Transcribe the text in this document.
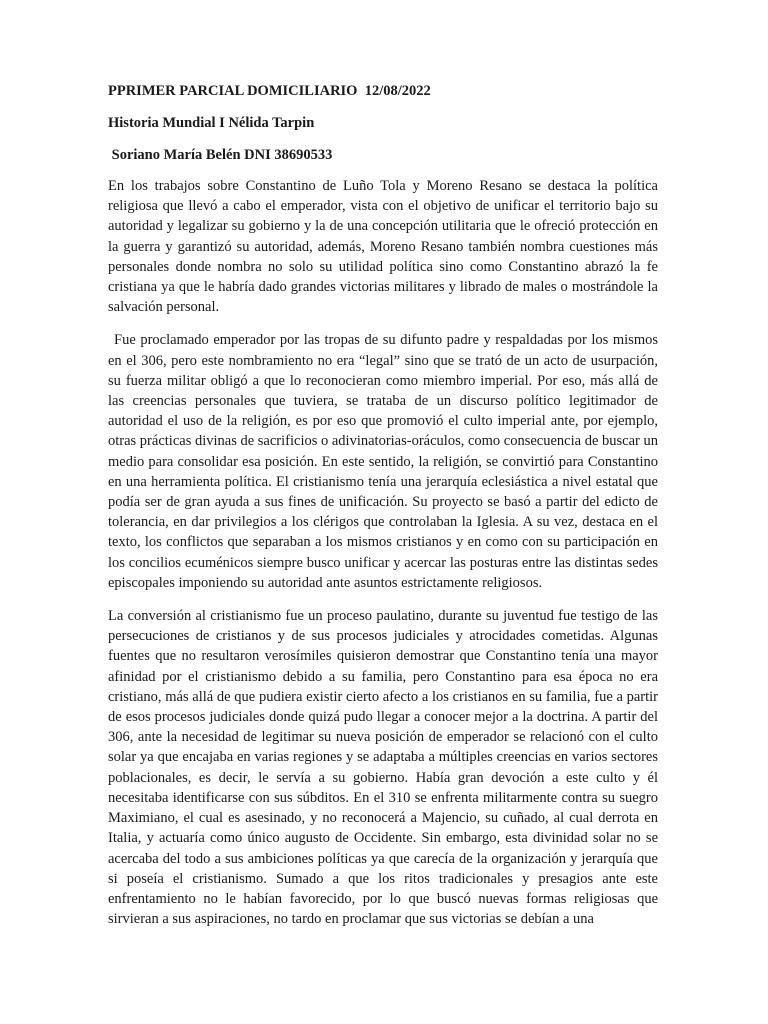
PPRIMER PARCIAL DOMICILIARIO  12/08/2022
Historia Mundial I Nélida Tarpin
Soriano María Belén DNI 38690533

En los trabajos sobre Constantino de Luño Tola y Moreno Resano se destaca la política religiosa que llevó a cabo el emperador, vista con el objetivo de unificar el territorio bajo su autoridad y legalizar su gobierno y la de una concepción utilitaria que le ofreció protección en la guerra y garantizó su autoridad, además, Moreno Resano también nombra cuestiones más personales donde nombra no solo su utilidad política sino como Constantino abrazó la fe cristiana ya que le habría dado grandes victorias militares y librado de males o mostrándole la salvación personal.

Fue proclamado emperador por las tropas de su difunto padre y respaldadas por los mismos en el 306, pero este nombramiento no era “legal” sino que se trató de un acto de usurpación, su fuerza militar obligó a que lo reconocieran como miembro imperial. Por eso, más allá de las creencias personales que tuviera, se trataba de un discurso político legitimador de autoridad el uso de la religión, es por eso que promovió el culto imperial ante, por ejemplo, otras prácticas divinas de sacrificios o adivinatorias-oráculos, como consecuencia de buscar un medio para consolidar esa posición. En este sentido, la religión, se convirtió para Constantino en una herramienta política. El cristianismo tenía una jerarquía eclesiástica a nivel estatal que podía ser de gran ayuda a sus fines de unificación. Su proyecto se basó a partir del edicto de tolerancia, en dar privilegios a los clérigos que controlaban la Iglesia. A su vez, destaca en el texto, los conflictos que separaban a los mismos cristianos y en como con su participación en los concilios ecuménicos siempre busco unificar y acercar las posturas entre las distintas sedes episcopales imponiendo su autoridad ante asuntos estrictamente religiosos.

La conversión al cristianismo fue un proceso paulatino, durante su juventud fue testigo de las persecuciones de cristianos y de sus procesos judiciales y atrocidades cometidas. Algunas fuentes que no resultaron verosímiles quisieron demostrar que Constantino tenía una mayor afinidad por el cristianismo debido a su familia, pero Constantino para esa época no era cristiano, más allá de que pudiera existir cierto afecto a los cristianos en su familia, fue a partir de esos procesos judiciales donde quizá pudo llegar a conocer mejor a la doctrina. A partir del 306, ante la necesidad de legitimar su nueva posición de emperador se relacionó con el culto solar ya que encajaba en varias regiones y se adaptaba a múltiples creencias en varios sectores poblacionales, es decir, le servía a su gobierno. Había gran devoción a este culto y él necesitaba identificarse con sus súbditos. En el 310 se enfrenta militarmente contra su suegro Maximiano, el cual es asesinado, y no reconocerá a Majencio, su cuñado, al cual derrota en Italia, y actuaría como único augusto de Occidente. Sin embargo, esta divinidad solar no se acercaba del todo a sus ambiciones políticas ya que carecía de la organización y jerarquía que si poseía el cristianismo. Sumado a que los ritos tradicionales y presagios ante este enfrentamiento no le habían favorecido, por lo que buscó nuevas formas religiosas que sirvieran a sus aspiraciones, no tardo en proclamar que sus victorias se debían a una
